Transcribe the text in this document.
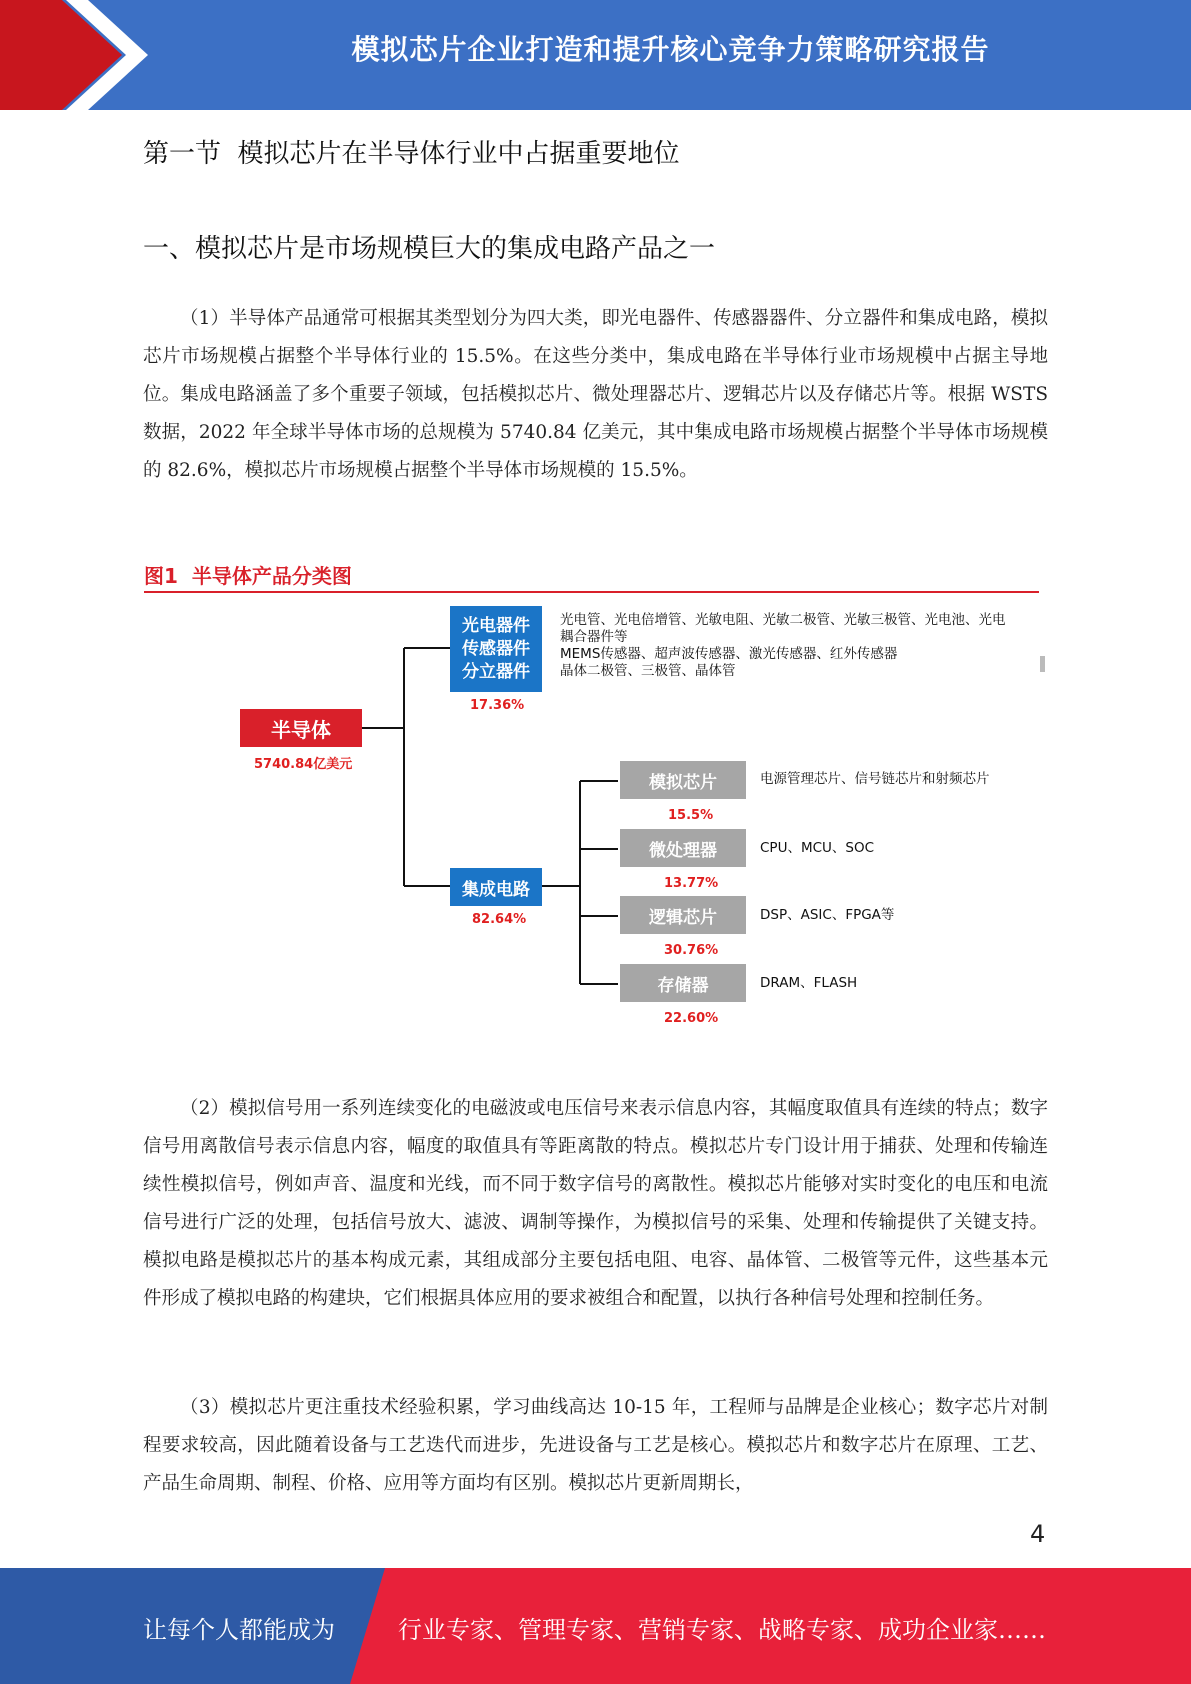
模拟芯片企业打造和提升核心竞争力策略研究报告
第一节  模拟芯片在半导体行业中占据重要地位
一、模拟芯片是市场规模巨大的集成电路产品之一

（1）半导体产品通常可根据其类型划分为四大类，即光电器件、传感器器件、分立器件和集成电路，模拟芯片市场规模占据整个半导体行业的 15.5%。在这些分类中，集成电路在半导体行业市场规模中占据主导地位。集成电路涵盖了多个重要子领域，包括模拟芯片、微处理器芯片、逻辑芯片以及存储芯片等。根据 WSTS 数据，2022 年全球半导体市场的总规模为 5740.84 亿美元，其中集成电路市场规模占据整个半导体市场规模的 82.6%，模拟芯片市场规模占据整个半导体市场规模的 15.5%。

图1  半导体产品分类图
半导体
5740.84亿美元
光电器件
传感器件
分立器件
17.36%
光电管、光电倍增管、光敏电阻、光敏二极管、光敏三极管、光电池、光电
耦合器件等
MEMS传感器、超声波传感器、激光传感器、红外传感器
晶体二极管、三极管、晶体管
集成电路
82.64%
模拟芯片
15.5%
电源管理芯片、信号链芯片和射频芯片
微处理器
13.77%
CPU、MCU、SOC
逻辑芯片
30.76%
DSP、ASIC、FPGA等
存储器
22.60%
DRAM、FLASH

（2）模拟信号用一系列连续变化的电磁波或电压信号来表示信息内容，其幅度取值具有连续的特点；数字信号用离散信号表示信息内容，幅度的取值具有等距离散的特点。模拟芯片专门设计用于捕获、处理和传输连续性模拟信号，例如声音、温度和光线，而不同于数字信号的离散性。模拟芯片能够对实时变化的电压和电流信号进行广泛的处理，包括信号放大、滤波、调制等操作，为模拟信号的采集、处理和传输提供了关键支持。模拟电路是模拟芯片的基本构成元素，其组成部分主要包括电阻、电容、晶体管、二极管等元件，这些基本元件形成了模拟电路的构建块，它们根据具体应用的要求被组合和配置，以执行各种信号处理和控制任务。

（3）模拟芯片更注重技术经验积累，学习曲线高达 10-15 年，工程师与品牌是企业核心；数字芯片对制程要求较高，因此随着设备与工艺迭代而进步，先进设备与工艺是核心。模拟芯片和数字芯片在原理、工艺、产品生命周期、制程、价格、应用等方面均有区别。模拟芯片更新周期长，

4
让每个人都能成为	行业专家、管理专家、营销专家、战略专家、成功企业家……
